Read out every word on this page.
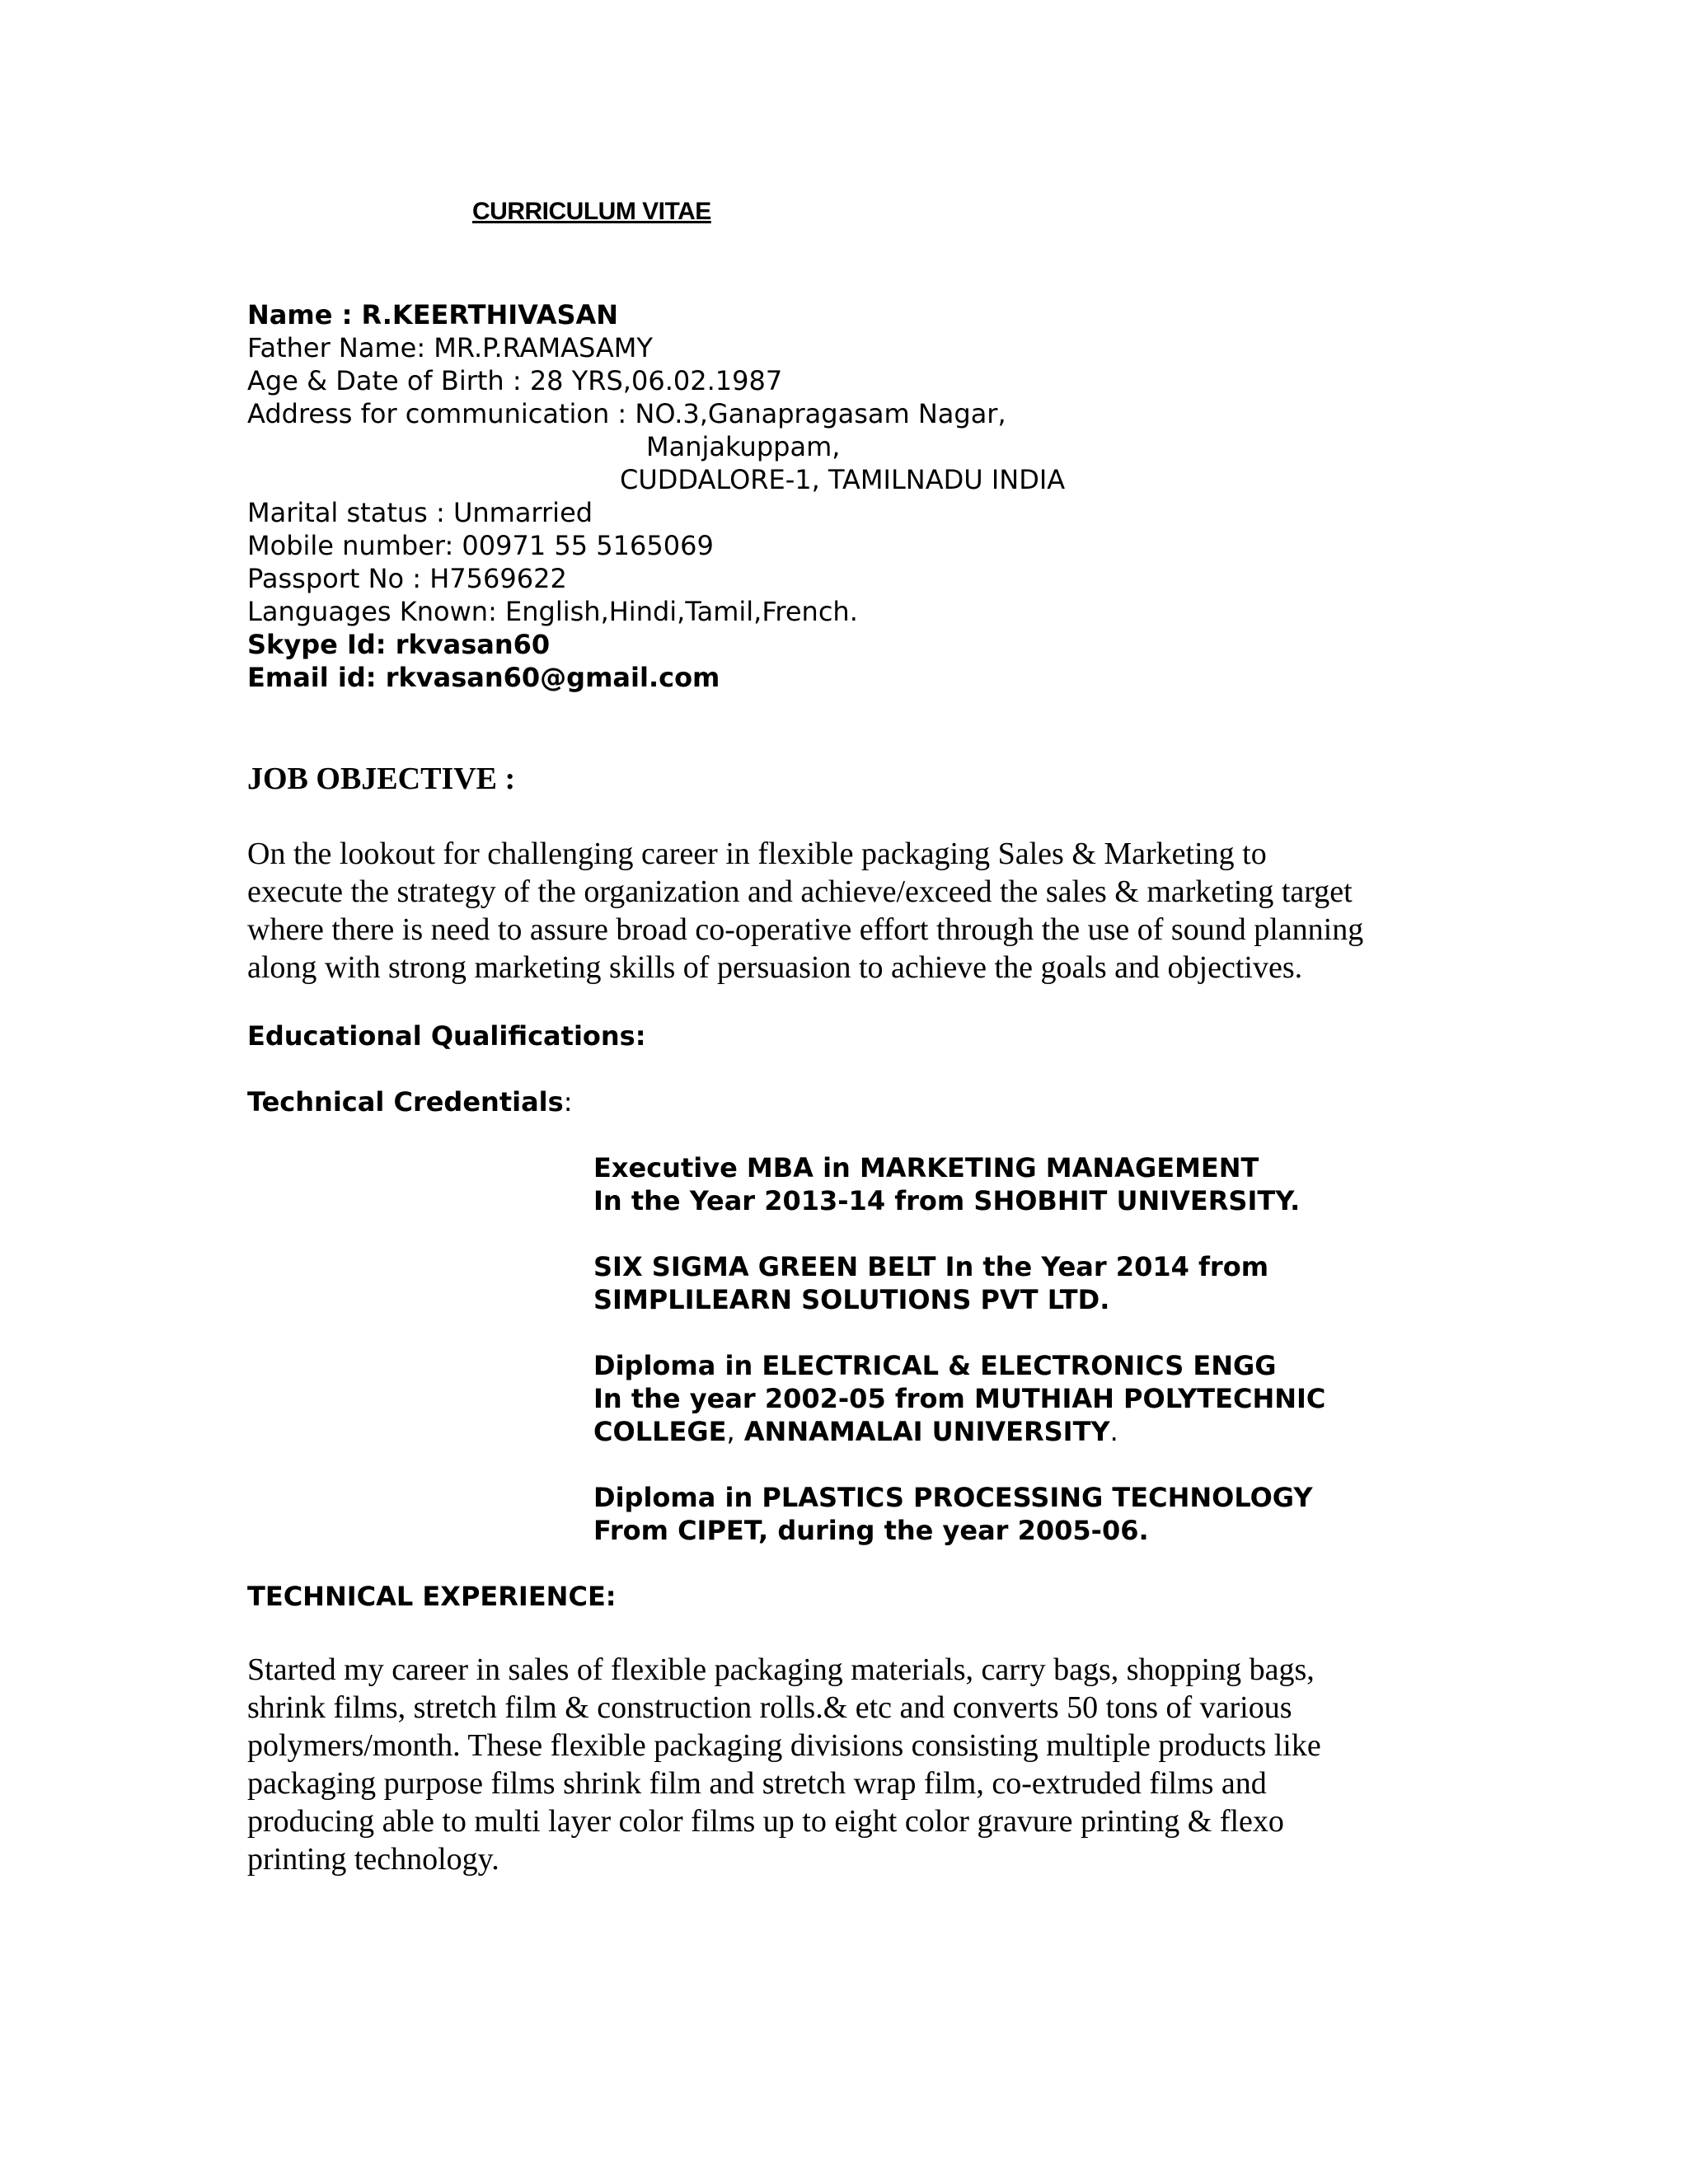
CURRICULUM VITAE
Name : R.KEERTHIVASAN
Father Name: MR.P.RAMASAMY
Age & Date of Birth : 28 YRS,06.02.1987
Address for communication : NO.3,Ganapragasam Nagar,
Manjakuppam,
CUDDALORE-1, TAMILNADU INDIA
Marital status : Unmarried
Mobile number: 00971 55 5165069
Passport No : H7569622
Languages Known: English,Hindi,Tamil,French.
Skype Id: rkvasan60
Email id: rkvasan60@gmail.com
JOB OBJECTIVE :
On the lookout for challenging career in flexible packaging Sales & Marketing to
execute the strategy of the organization and achieve/exceed the sales & marketing target
where there is need to assure broad co-operative effort through the use of sound planning
along with strong marketing skills of persuasion to achieve the goals and objectives.
Educational Qualifications:
Technical Credentials:
Executive MBA in MARKETING MANAGEMENT
In the Year 2013-14 from SHOBHIT UNIVERSITY.
SIX SIGMA GREEN BELT In the Year 2014 from
SIMPLILEARN SOLUTIONS PVT LTD.
Diploma in ELECTRICAL & ELECTRONICS ENGG
In the year 2002-05 from MUTHIAH POLYTECHNIC
COLLEGE, ANNAMALAI UNIVERSITY.
Diploma in PLASTICS PROCESSING TECHNOLOGY
From CIPET, during the year 2005-06.
TECHNICAL EXPERIENCE:
Started my career in sales of flexible packaging materials, carry bags, shopping bags,
shrink films, stretch film & construction rolls.& etc and converts 50 tons of various
polymers/month. These flexible packaging divisions consisting multiple products like
packaging purpose films shrink film and stretch wrap film, co-extruded films and
producing able to multi layer color films up to eight color gravure printing & flexo
printing technology.
